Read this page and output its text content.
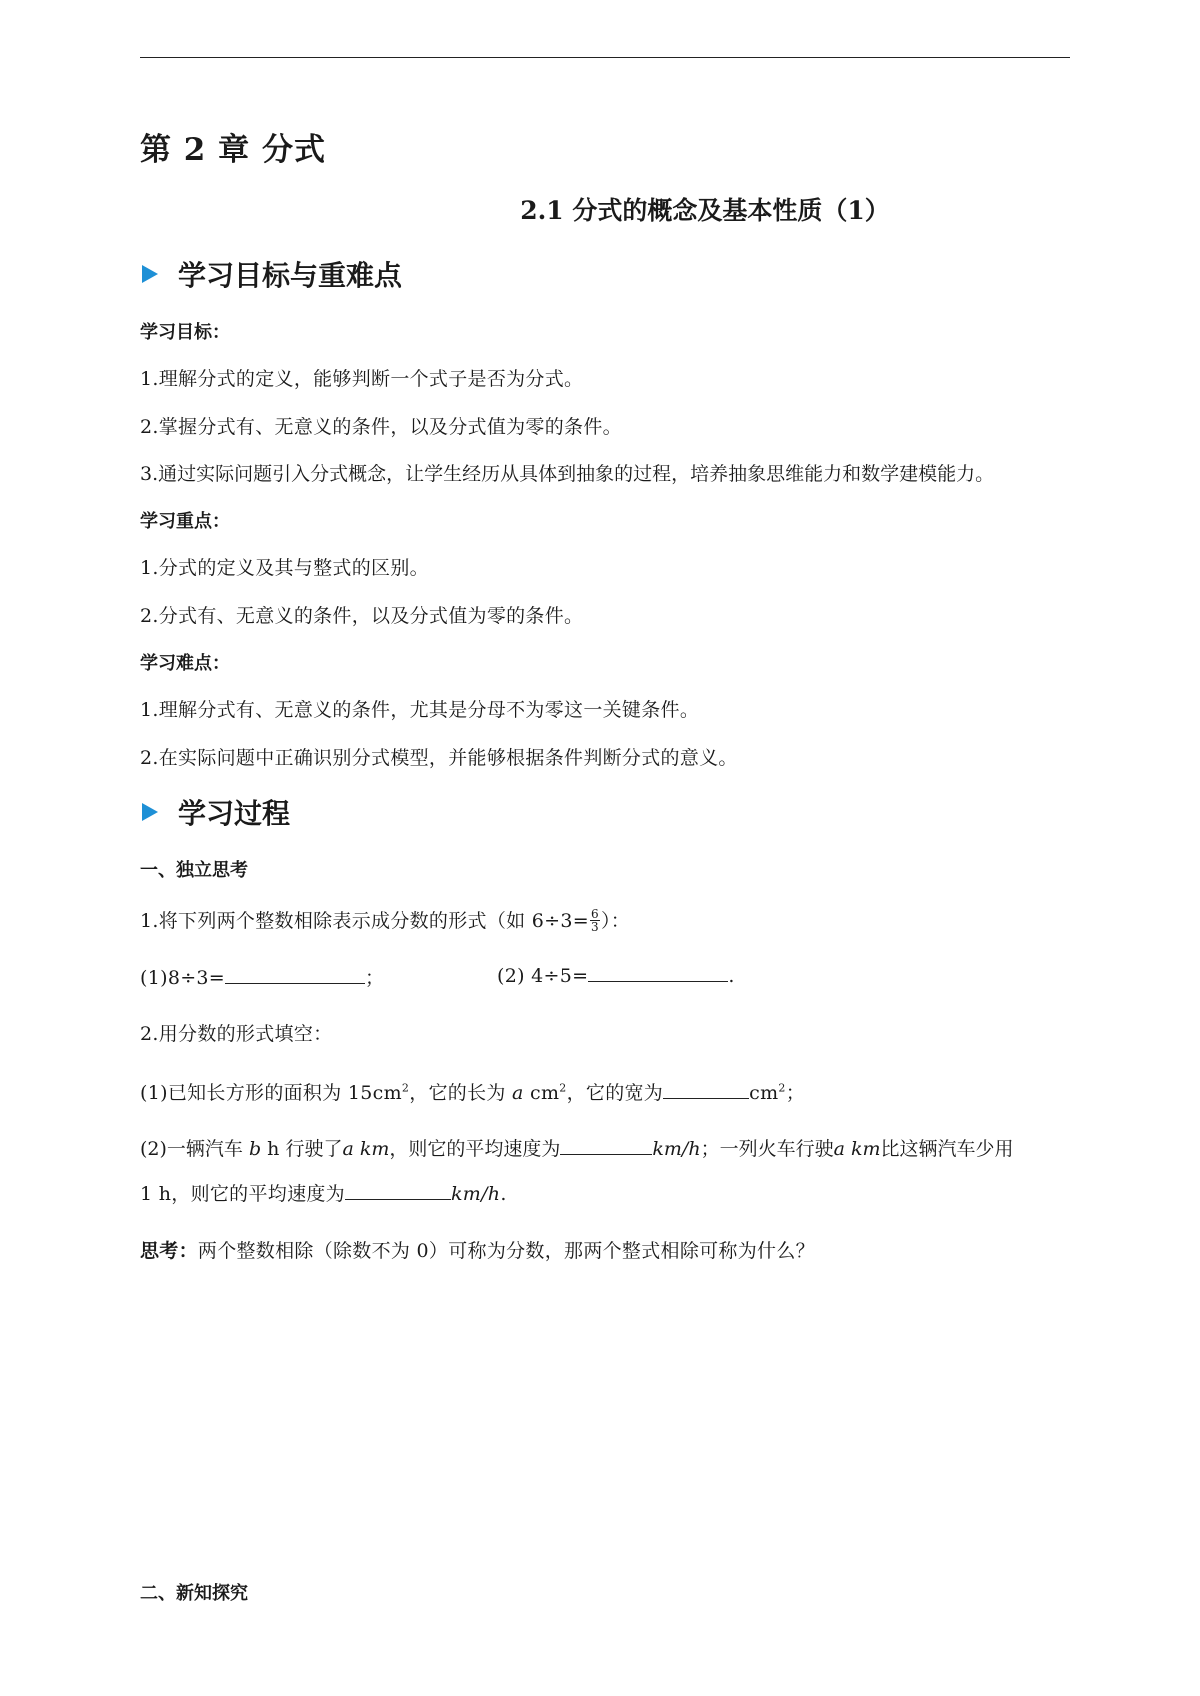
第 2 章 分式
2.1 分式的概念及基本性质（1）
学习目标与重难点
学习目标：
1.理解分式的定义，能够判断一个式子是否为分式。
2.掌握分式有、无意义的条件，以及分式值为零的条件。
3.通过实际问题引入分式概念，让学生经历从具体到抽象的过程，培养抽象思维能力和数学建模能力。
学习重点：
1.分式的定义及其与整式的区别。
2.分式有、无意义的条件，以及分式值为零的条件。
学习难点：
1.理解分式有、无意义的条件，尤其是分母不为零这一关键条件。
2.在实际问题中正确识别分式模型，并能够根据条件判断分式的意义。
学习过程
一、独立思考
1.将下列两个整数相除表示成分数的形式（如 $6\div 3= \frac{6}{3}$ ）：
(1)8÷3=	；	(2) 4÷5=	.
2.用分数的形式填空：
(1)已知长方形的面积为 $15cm^2$，它的长为 a $cm^2$，它的宽为	$cm^2$；
(2)一辆汽车 b h 行驶了a km，则它的平均速度为	km/h；一列火车行驶a km比这辆汽车少用
1 h，则它的平均速度为	km/h.
思考：两个整数相除（除数不为 0）可称为分数，那两个整式相除可称为什么？
二、新知探究
